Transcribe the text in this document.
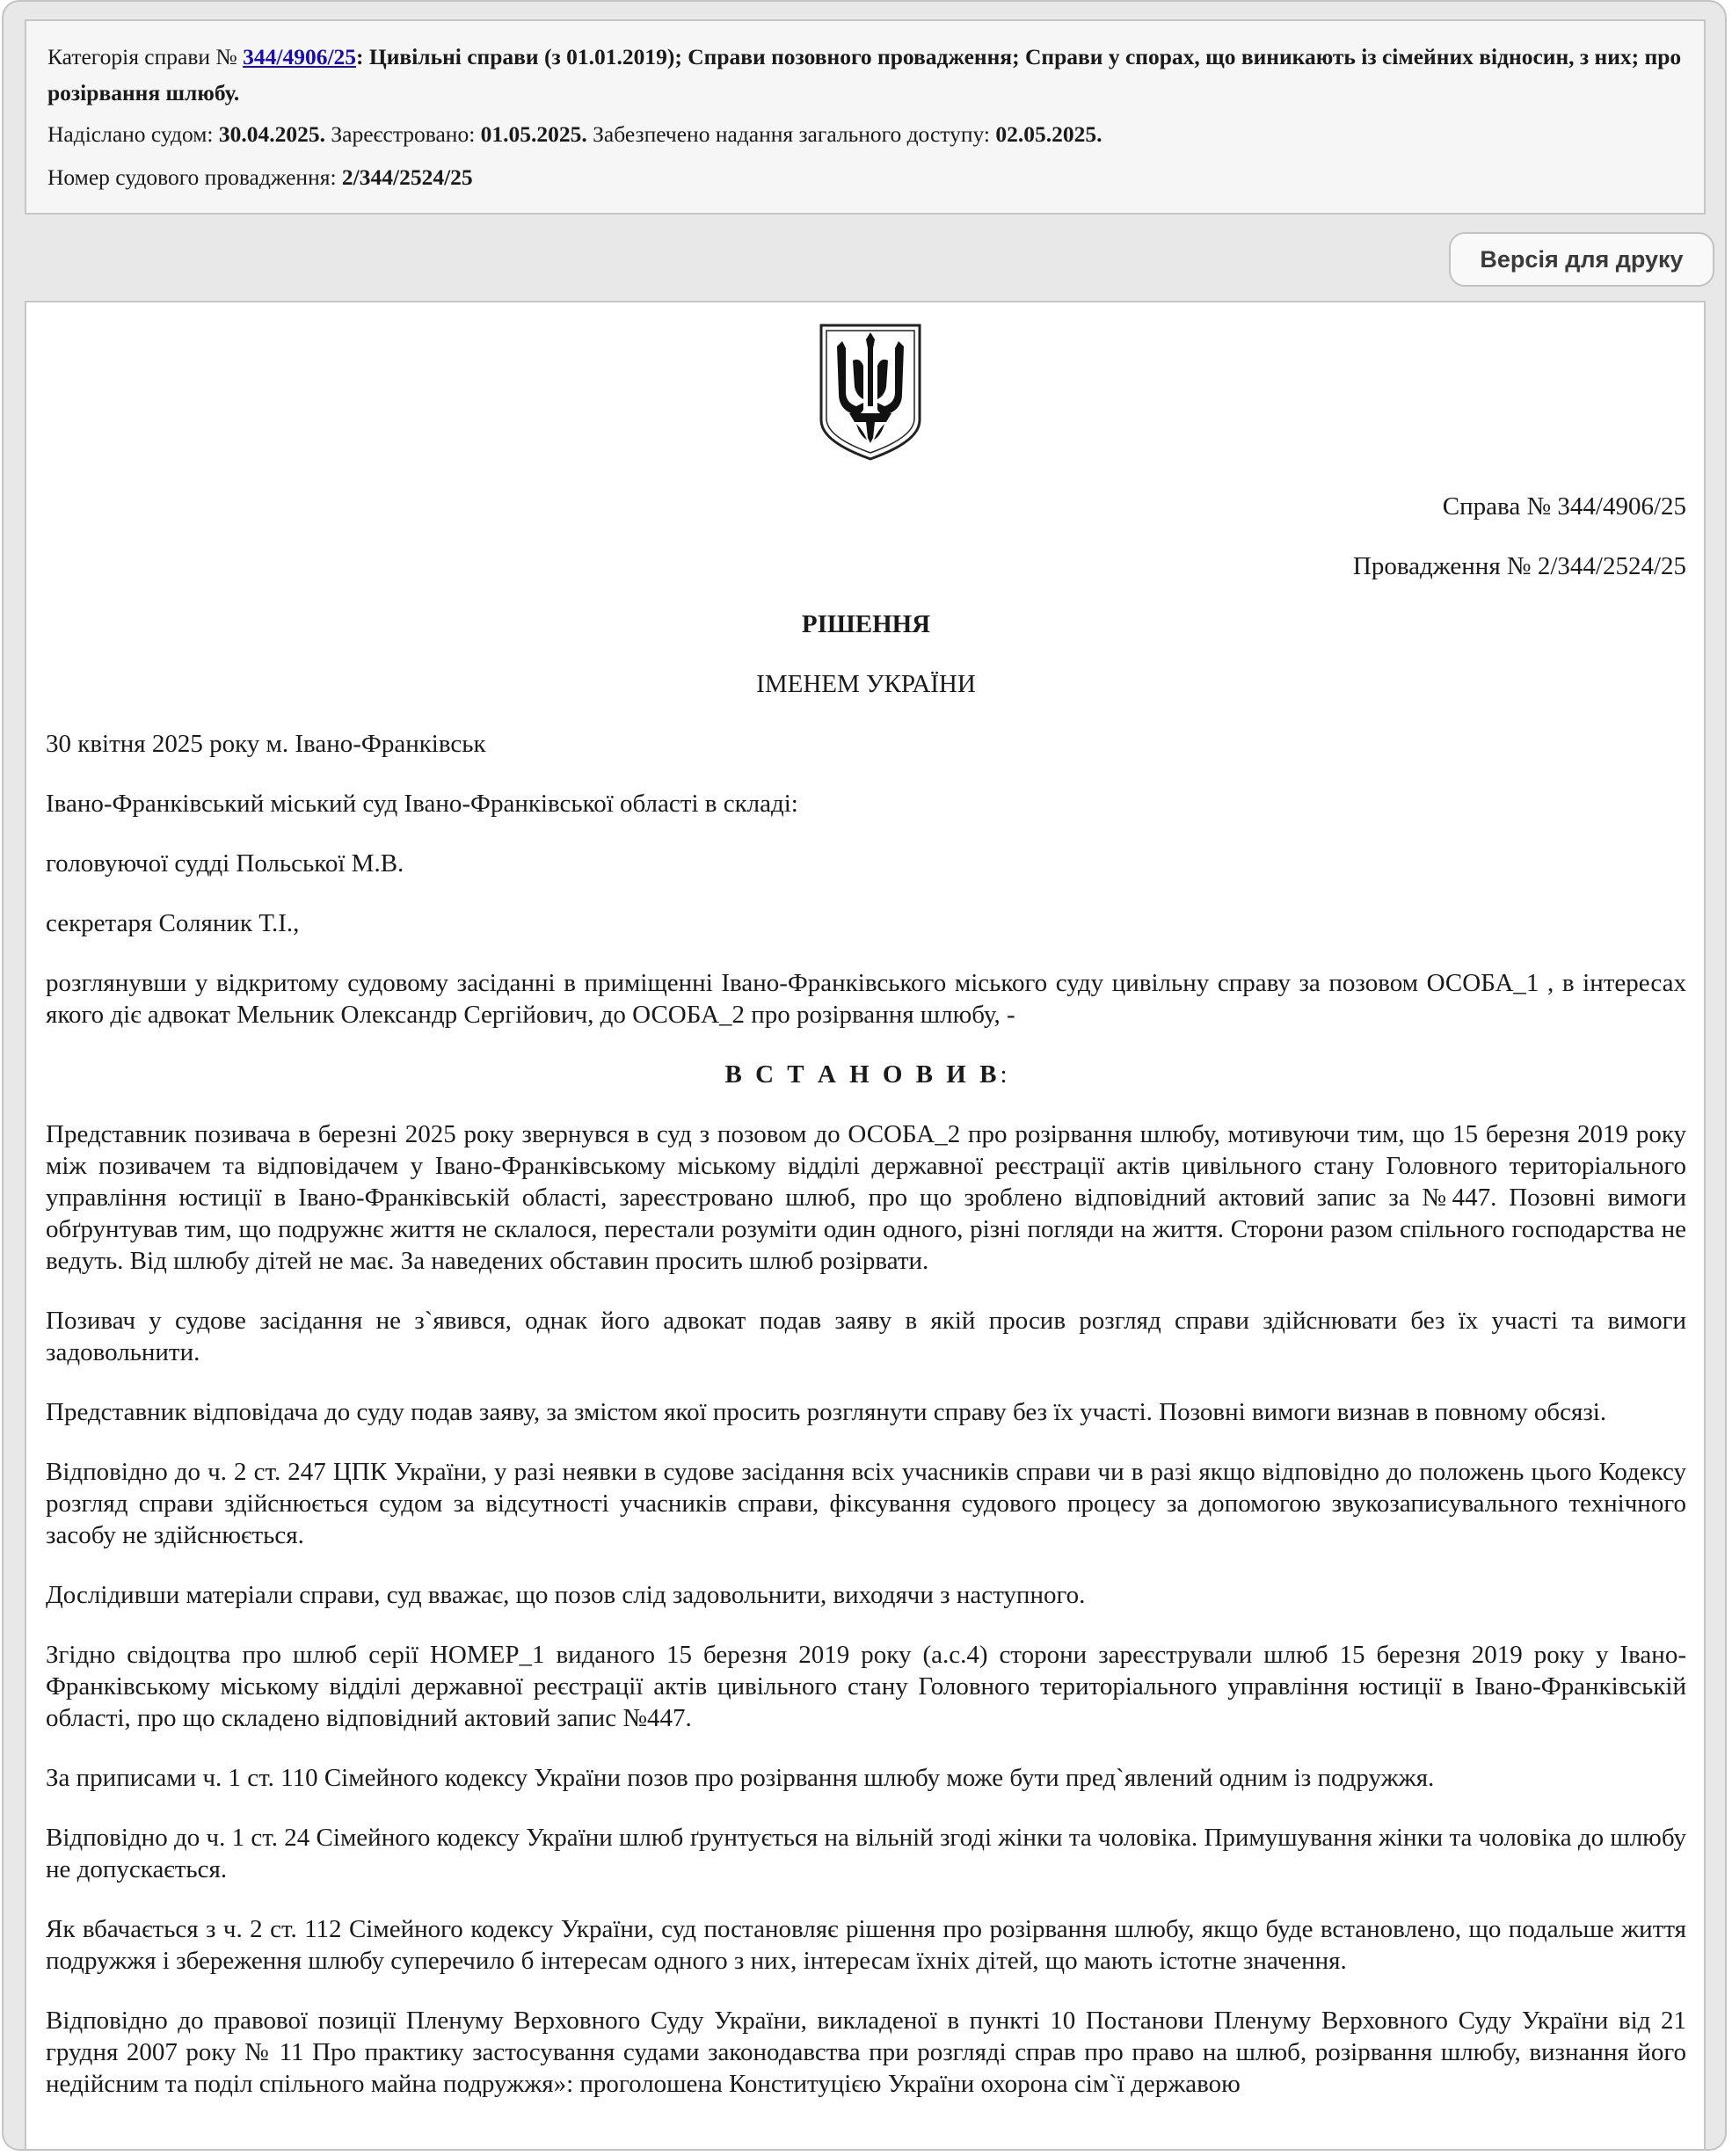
Категорія справи № 344/4906/25: Цивільні справи (з 01.01.2019); Справи позовного провадження; Справи у спорах, що виникають із сімейних відносин, з них; про розірвання шлюбу.

Надіслано судом: 30.04.2025. Зареєстровано: 01.05.2025. Забезпечено надання загального доступу: 02.05.2025.

Номер судового провадження: 2/344/2524/25

Версія для друку

Справа № 344/4906/25

Провадження № 2/344/2524/25

РІШЕННЯ

ІМЕНЕМ УКРАЇНИ

30 квітня 2025 року м. Івано-Франківськ

Івано-Франківський міський суд Івано-Франківської області в складі:

головуючої судді Польської М.В.

секретаря Соляник Т.І.,

розглянувши у відкритому судовому засіданні в приміщенні Івано-Франківського міського суду цивільну справу за позовом ОСОБА_1 , в інтересах якого діє адвокат Мельник Олександр Сергійович, до ОСОБА_2 про розірвання шлюбу, -

В С Т А Н О В И В:

Представник позивача в березні 2025 року звернувся в суд з позовом до ОСОБА_2 про розірвання шлюбу, мотивуючи тим, що 15 березня 2019 року між позивачем та відповідачем у Івано-Франківському міському відділі державної реєстрації актів цивільного стану Головного територіального управління юстиції в Івано-Франківській області, зареєстровано шлюб, про що зроблено відповідний актовий запис за №447. Позовні вимоги обґрунтував тим, що подружнє життя не склалося, перестали розуміти один одного, різні погляди на життя. Сторони разом спільного господарства не ведуть. Від шлюбу дітей не має. За наведених обставин просить шлюб розірвати.

Позивач у судове засідання не з`явився, однак його адвокат подав заяву в якій просив розгляд справи здійснювати без їх участі та вимоги задовольнити.

Представник відповідача до суду подав заяву, за змістом якої просить розглянути справу без їх участі. Позовні вимоги визнав в повному обсязі.

Відповідно до ч. 2 ст. 247 ЦПК України, у разі неявки в судове засідання всіх учасників справи чи в разі якщо відповідно до положень цього Кодексу розгляд справи здійснюється судом за відсутності учасників справи, фіксування судового процесу за допомогою звукозаписувального технічного засобу не здійснюється.

Дослідивши матеріали справи, суд вважає, що позов слід задовольнити, виходячи з наступного.

Згідно свідоцтва про шлюб серії НОМЕР_1 виданого 15 березня 2019 року (а.с.4) сторони зареєстрували шлюб 15 березня 2019 року у Івано-Франківському міському відділі державної реєстрації актів цивільного стану Головного територіального управління юстиції в Івано-Франківській області, про що складено відповідний актовий запис №447.

За приписами ч. 1 ст. 110 Сімейного кодексу України позов про розірвання шлюбу може бути пред`явлений одним із подружжя.

Відповідно до ч. 1 ст. 24 Сімейного кодексу України шлюб ґрунтується на вільній згоді жінки та чоловіка. Примушування жінки та чоловіка до шлюбу не допускається.

Як вбачається з ч. 2 ст. 112 Сімейного кодексу України, суд постановляє рішення про розірвання шлюбу, якщо буде встановлено, що подальше життя подружжя і збереження шлюбу суперечило б інтересам одного з них, інтересам їхніх дітей, що мають істотне значення.

Відповідно до правової позиції Пленуму Верховного Суду України, викладеної в пункті 10 Постанови Пленуму Верховного Суду України від 21 грудня 2007 року № 11 Про практику застосування судами законодавства при розгляді справ про право на шлюб, розірвання шлюбу, визнання його недійсним та поділ спільного майна подружжя»: проголошена Конституцією України охорона сім`ї державою
